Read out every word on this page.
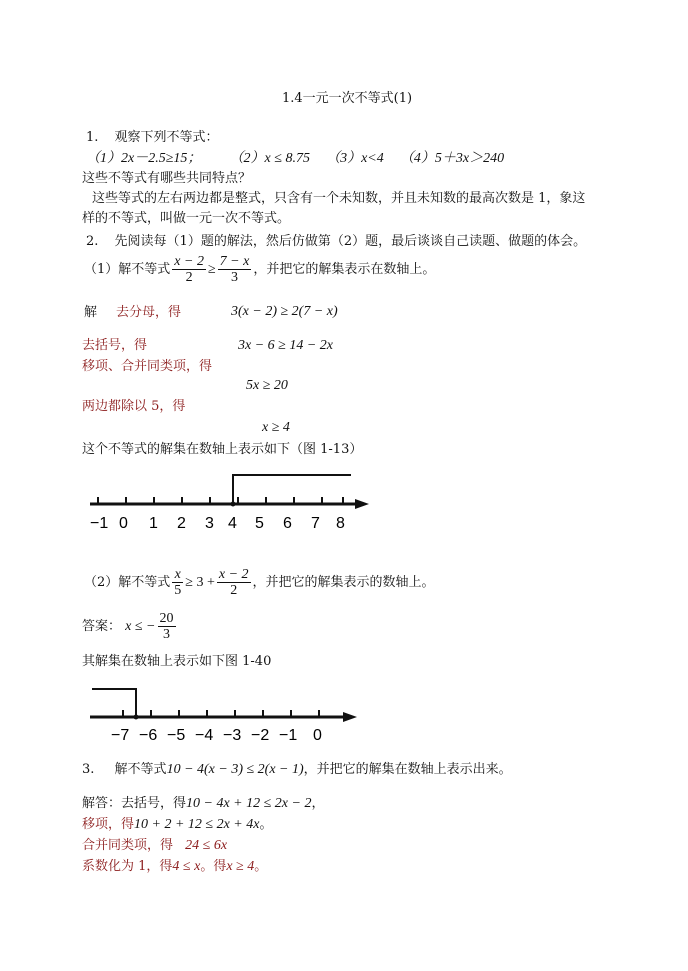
1.4一元一次不等式(1)
1. 观察下列不等式：
（1）2x－2.5≥15； （2）x ≤ 8.75 （3）x<4 （4）5＋3x＞240
这些不等式有哪些共同特点？
这些等式的左右两边都是整式，只含有一个未知数，并且未知数的最高次数是 1，象这
样的不等式，叫做一元一次不等式。
2. 先阅读每（1）题的解法，然后仿做第（2）题，最后谈谈自己读题、做题的体会。
（1）解不等式 $\frac{x - 2}{2} \ge \frac{7 - x}{3}$ ，并把它的解集表示在数轴上。
解 去分母，得	3(x − 2) ≥ 2(7 − x)
去括号，得	3x − 6 ≥ 14 − 2x
移项、合并同类项，得
5x ≥ 20
两边都除以 5，得
x ≥ 4
这个不等式的解集在数轴上表示如下（图 1-13）
−1 0 1 2 3 4 5 6 7 8
（2）解不等式 $\frac{x}{5} \ge 3 + \frac{x - 2}{2}$ ，并把它的解集表示的数轴上。
答案： x ≤ − $\frac{20}{3}$
其解集在数轴上表示如下图 1-40
−7 −6 −5 −4 −3 −2 −1 0
3. 解不等式10 − 4(x − 3) ≤ 2(x − 1)，并把它的解集在数轴上表示出来。
解答：去括号，得10 − 4x + 12 ≤ 2x − 2，
移项，得10 + 2 + 12 ≤ 2x + 4x。
合并同类项，得 24 ≤ 6x
系数化为 1，得4 ≤ x。得x ≥ 4。
